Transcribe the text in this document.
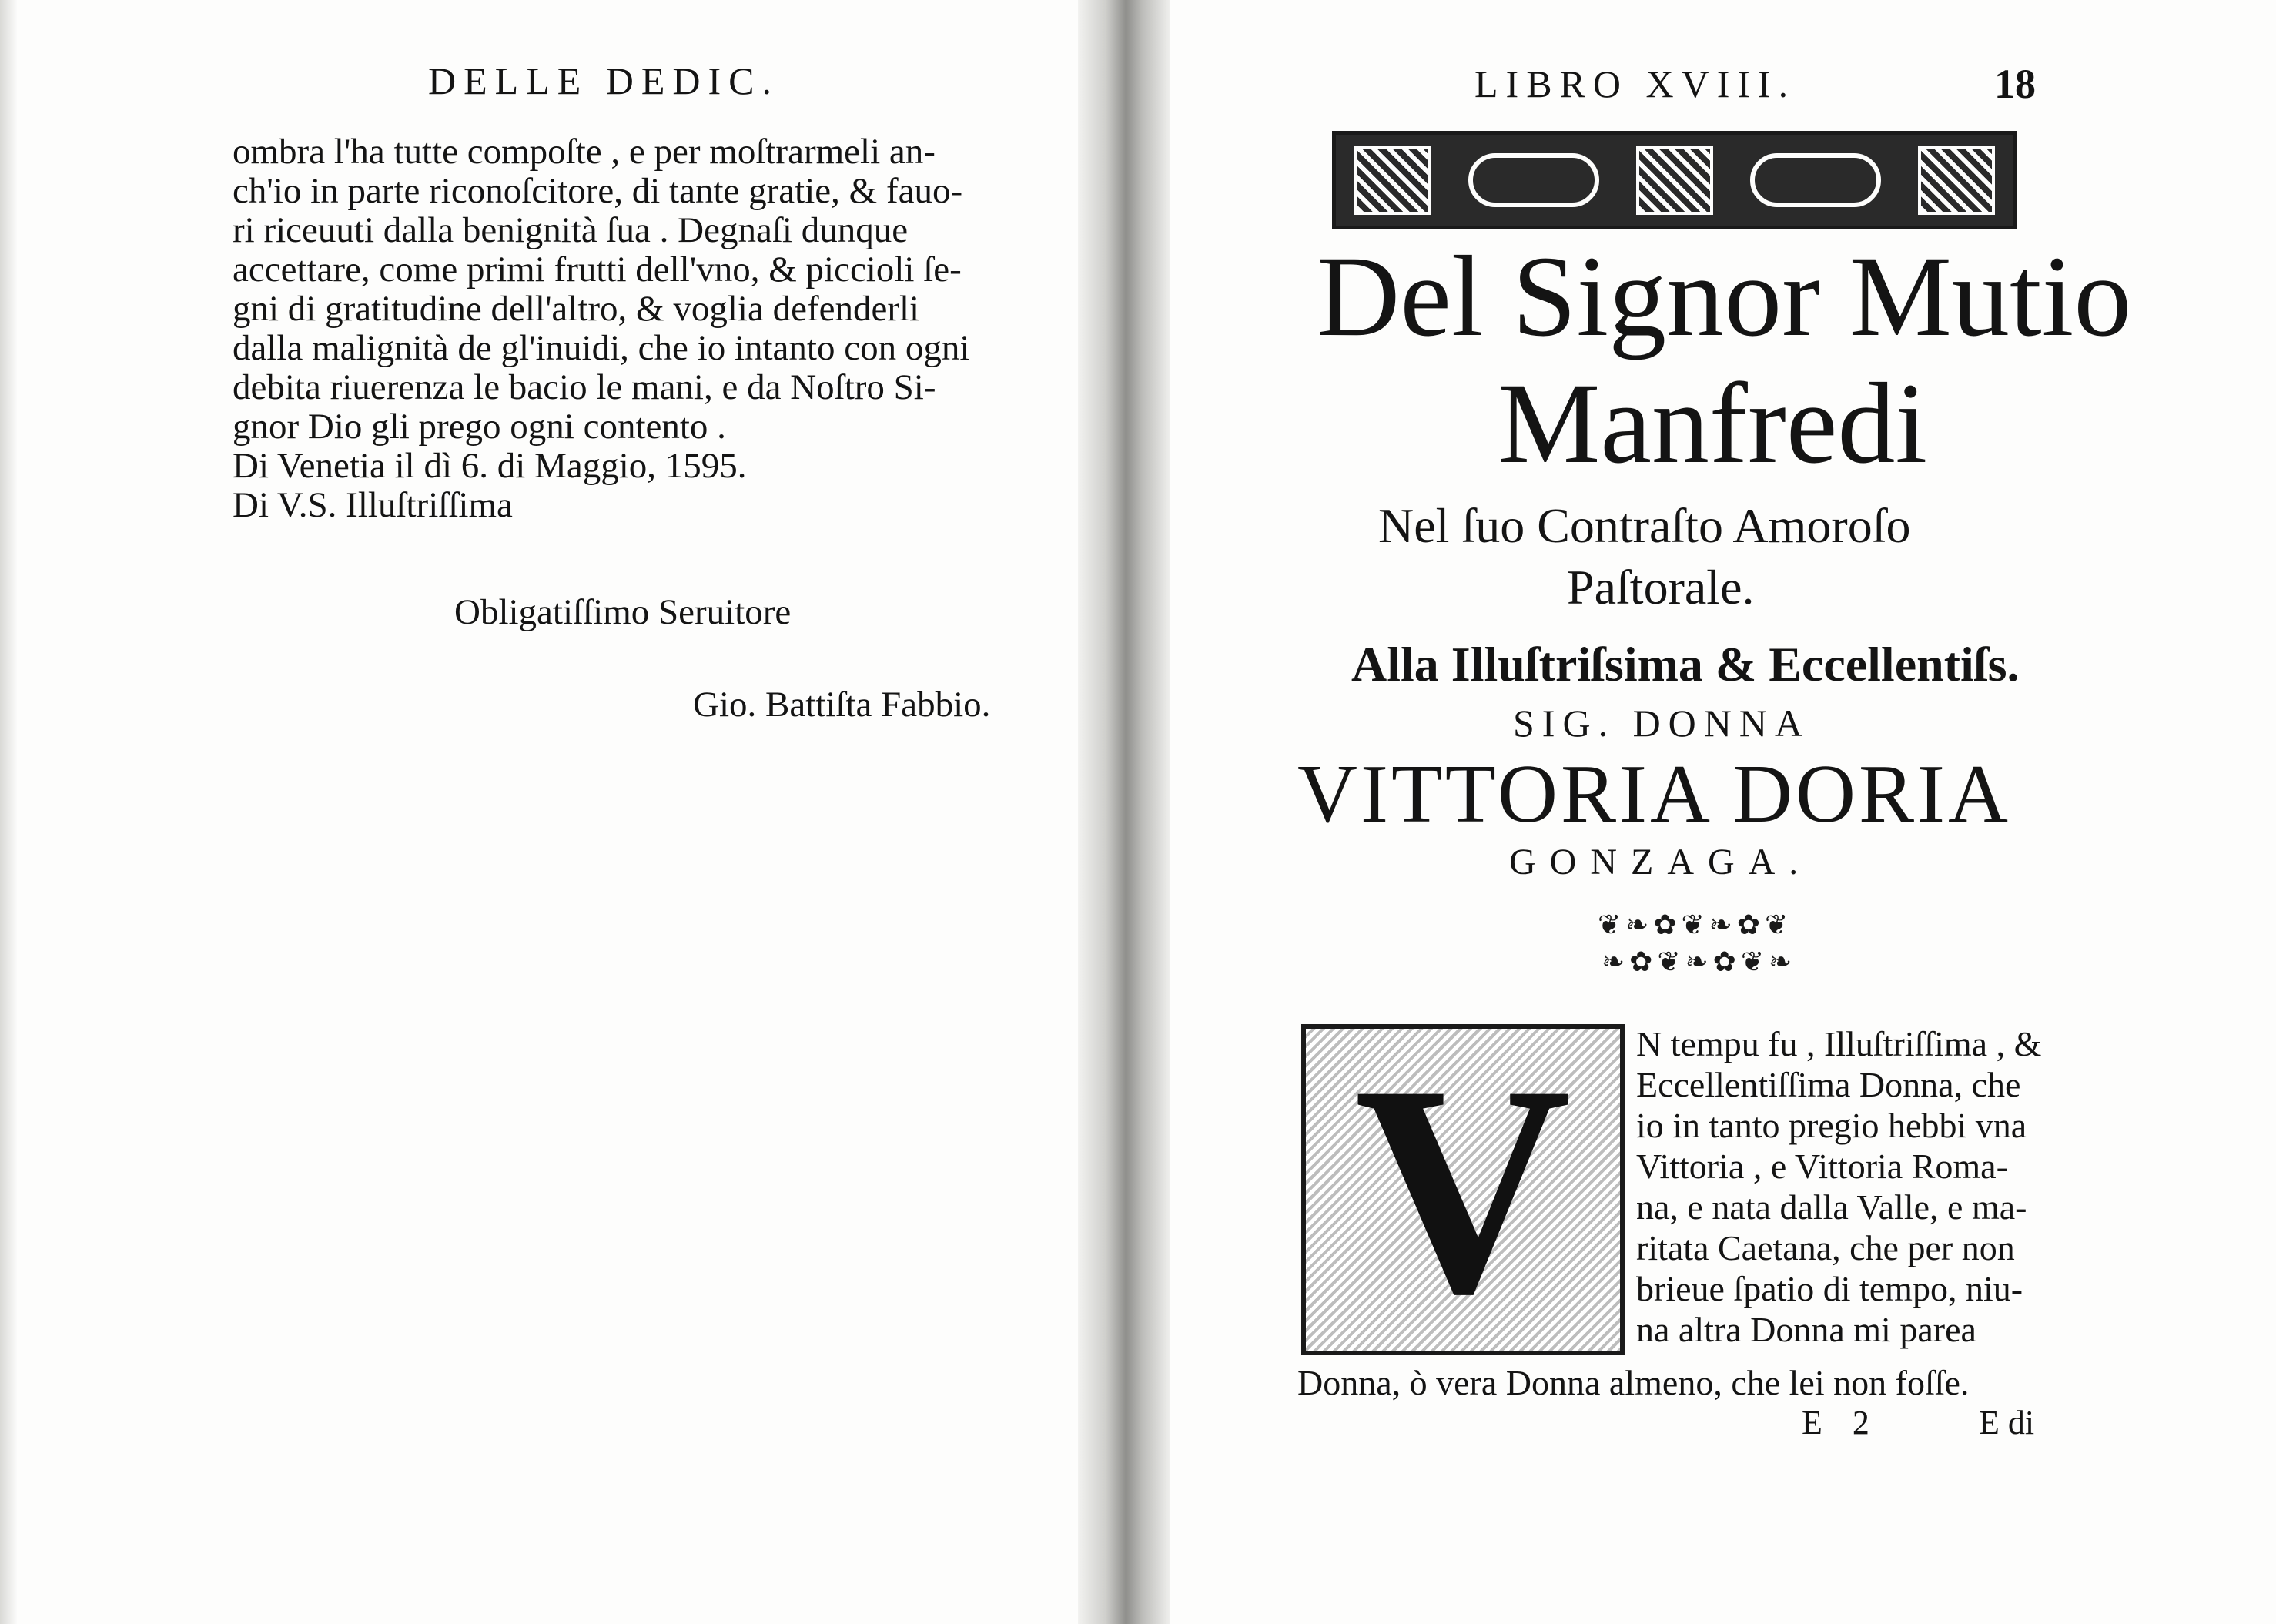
DELLE DEDIC.
ombra l'ha tutte compoſte , e per moſtrarmeli an-
ch'io in parte riconoſcitore, di tante gratie, & fauo-
ri riceuuti dalla benignità ſua . Degnaſi dunque
accettare, come primi frutti dell'vno, & piccioli ſe-
gni di gratitudine dell'altro, & voglia defenderli
dalla malignità de gl'inuidi, che io intanto con ogni
debita riuerenza le bacio le mani, e da Noſtro Si-
gnor Dio gli prego ogni contento .
Di Venetia il dì 6. di Maggio, 1595.
Di V.S. Illuſtriſſima
Obligatiſſimo Seruitore
Gio. Battiſta Fabbio.
LIBRO XVIII.	18
Del Signor Mutio
Manfredi
Nel ſuo Contraſto Amoroſo
Paſtorale.
Alla Illuſtriſsima & Eccellentiſs.
SIG. DONNA
VITTORIA DORIA
GONZAGA.
❦❧✿❦❧✿❦
❧✿❦❧✿❦❧
V	N tempu fu , Illuſtriſſima , &
Eccellentiſſima Donna, che
io in tanto pregio hebbi vna
Vittoria , e Vittoria Roma-
na, e nata dalla Valle, e ma-
ritata Caetana, che per non
brieue ſpatio di tempo, niu-
na altra Donna mi parea
Donna, ò vera Donna almeno, che lei non foſſe.
E 2	E di
